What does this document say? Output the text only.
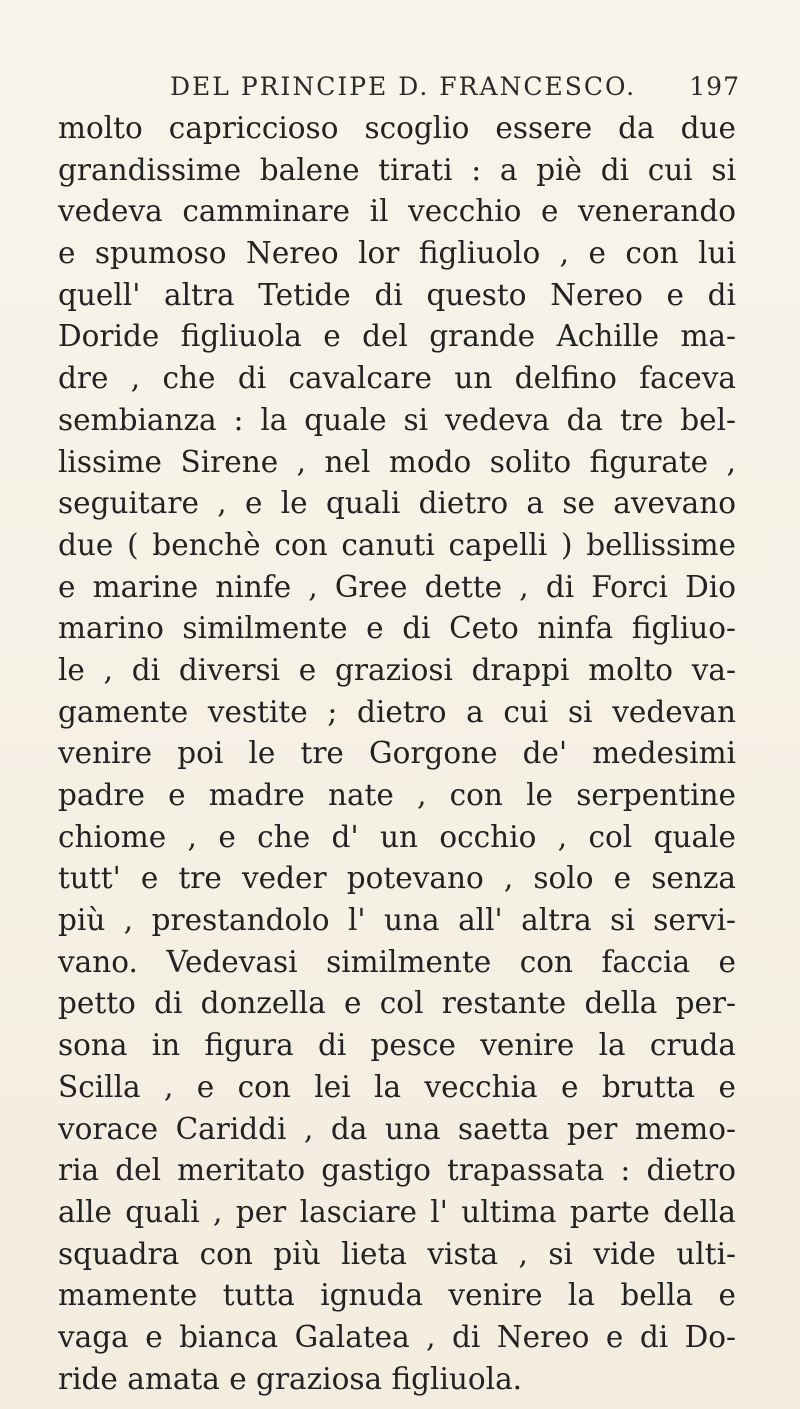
DEL PRINCIPE D. FRANCESCO. 197
molto capriccioso scoglio essere da due
grandissime balene tirati : a piè di cui si
vedeva camminare il vecchio e venerando
e spumoso Nereo lor figliuolo , e con lui
quell' altra Tetide di questo Nereo e di
Doride figliuola e del grande Achille ma-
dre , che di cavalcare un delfino faceva
sembianza : la quale si vedeva da tre bel-
lissime Sirene , nel modo solito figurate ,
seguitare , e le quali dietro a se avevano
due ( benchè con canuti capelli ) bellissime
e marine ninfe , Gree dette , di Forci Dio
marino similmente e di Ceto ninfa figliuo-
le , di diversi e graziosi drappi molto va-
gamente vestite ; dietro a cui si vedevan
venire poi le tre Gorgone de' medesimi
padre e madre nate , con le serpentine
chiome , e che d' un occhio , col quale
tutt' e tre veder potevano , solo e senza
più , prestandolo l' una all' altra si servi-
vano. Vedevasi similmente con faccia e
petto di donzella e col restante della per-
sona in figura di pesce venire la cruda
Scilla , e con lei la vecchia e brutta e
vorace Cariddi , da una saetta per memo-
ria del meritato gastigo trapassata : dietro
alle quali , per lasciare l' ultima parte della
squadra con più lieta vista , si vide ulti-
mamente tutta ignuda venire la bella e
vaga e bianca Galatea , di Nereo e di Do-
ride amata e graziosa figliuola.
